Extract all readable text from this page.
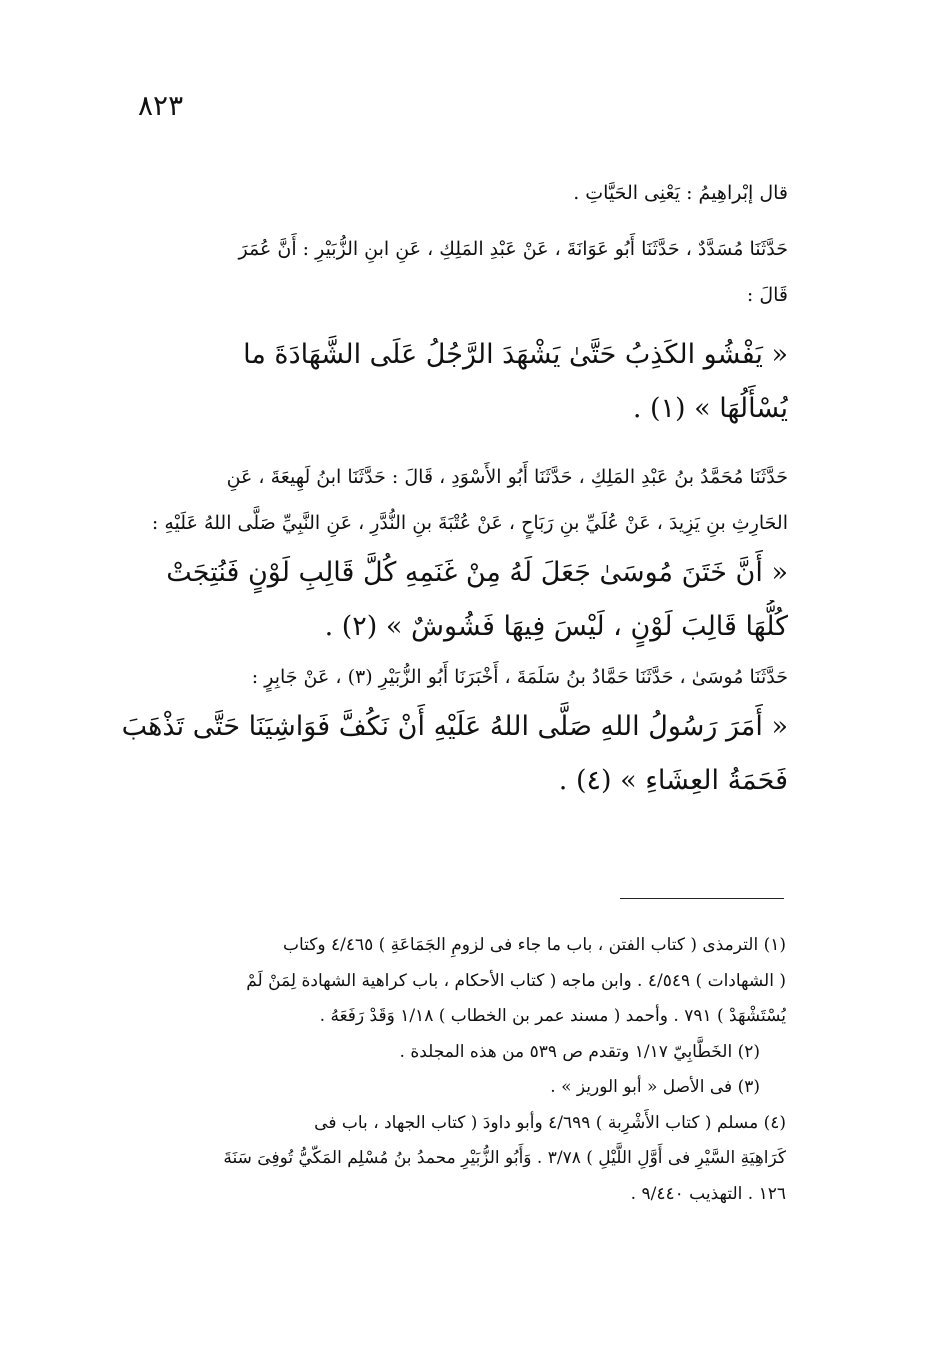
٨٢٣
قال إبْراهِيمُ : يَعْنِى الحَيَّاتِ .
حَدَّثَنَا مُسَدَّدٌ ، حَدَّثَنَا أَبُو عَوَانَةَ ، عَنْ عَبْدِ المَلِكِ ، عَنِ ابنِ الزُّبَيْرِ : أَنَّ عُمَرَ
قَالَ :
« يَفْشُو الكَذِبُ حَتَّىٰ يَشْهَدَ الرَّجُلُ عَلَى الشَّهَادَةَ ما
يُسْأَلُهَا » (١) .
حَدَّثَنَا مُحَمَّدُ بنُ عَبْدِ المَلِكِ ، حَدَّثَنَا أَبُو الأَسْوَدِ ، قَالَ : حَدَّثَنَا ابنُ لَهِيعَةَ ، عَنِ
الحَارِثِ بنِ يَزِيدَ ، عَنْ عُلَيِّ بنِ رَبَاحٍ ، عَنْ عُتْبَةَ بنِ النُّدَّرِ ، عَنِ النَّبِيِّ صَلَّى اللهُ عَلَيْهِ :
« أَنَّ خَتَنَ مُوسَىٰ جَعَلَ لَهُ مِنْ غَنَمِهِ كُلَّ قَالِبِ لَوْنٍ فَنُتِجَتْ
كُلُّهَا قَالِبَ لَوْنٍ ، لَيْسَ فِيهَا فَشُوشٌ » (٢) .
حَدَّثَنَا مُوسَىٰ ، حَدَّثَنَا حَمَّادُ بنُ سَلَمَةَ ، أَخْبَرَنَا أَبُو الزُّبَيْرِ (٣) ، عَنْ جَابِرٍ :
« أَمَرَ رَسُولُ اللهِ صَلَّى اللهُ عَلَيْهِ أَنْ نَكُفَّ فَوَاشِيَنَا حَتَّى تَذْهَبَ
فَحَمَةُ العِشَاءِ » (٤) .
(١) الترمذى ( كتاب الفتن ، باب ما جاء فى لزومِ الجَمَاعَةِ ) ٤/٤٦٥ وكتاب
( الشهادات ) ٤/٥٤٩ . وابن ماجه ( كتاب الأحكام ، باب كراهية الشهادة لِمَنْ لَمْ
يُسْتَشْهَدْ ) ٧٩١ . وأحمد ( مسند عمر بن الخطاب ) ١/١٨ وَقَدْ رَفَعَهُ .
(٢) الخَطَّابِيّ ١/١٧ وتقدم ص ٥٣٩ من هذه المجلدة .
(٣) فى الأصل « أبو الوريز » .
(٤) مسلم ( كتاب الأَشْرِبة ) ٤/٦٩٩ وأبو داودَ ( كتاب الجهاد ، باب فى
كَرَاهِيَةِ السَّيْرِ فى أَوَّلِ اللَّيْلِ ) ٣/٧٨ . وَأَبُو الزُّبَيْرِ محمدُ بنُ مُسْلِم المَكّيُّ تُوفِىَ سَنَةَ
١٢٦ . التهذيب ٩/٤٤٠ .
